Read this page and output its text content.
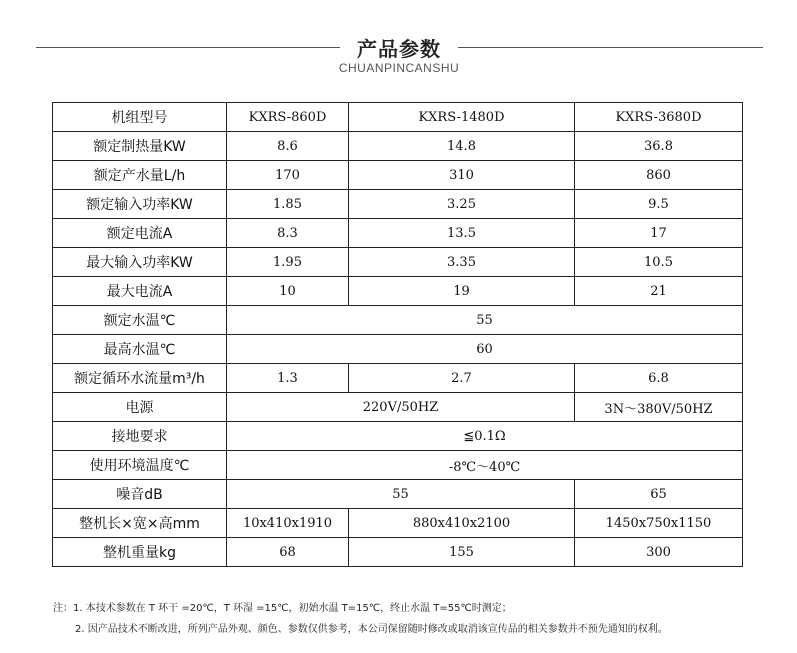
产品参数
CHUANPINCANSHU
机组型号	KXRS-860D	KXRS-1480D	KXRS-3680D
额定制热量KW	8.6	14.8	36.8
额定产水量L/h	170	310	860
额定输入功率KW	1.85	3.25	9.5
额定电流A	8.3	13.5	17
最大输入功率KW	1.95	3.35	10.5
最大电流A	10	19	21
额定水温℃	55		
最高水温℃	60		
额定循环水流量m³/h	1.3	2.7	6.8
电源	220V/50HZ		3N～380V/50HZ
接地要求	≦0.1Ω		
使用环境温度℃	-8℃～40℃		
噪音dB	55		65
整机长×宽×高mm	10x410x1910	880x410x2100	1450x750x1150
整机重量kg	68	155	300
注：1. 本技术参数在 T 环干 =20℃，T 环湿 =15℃，初始水温 T=15℃，终止水温 T=55℃时测定；
2. 因产品技术不断改进，所列产品外观、颜色、参数仅供参考，本公司保留随时修改或取消该宣传品的相关参数并不预先通知的权利。
